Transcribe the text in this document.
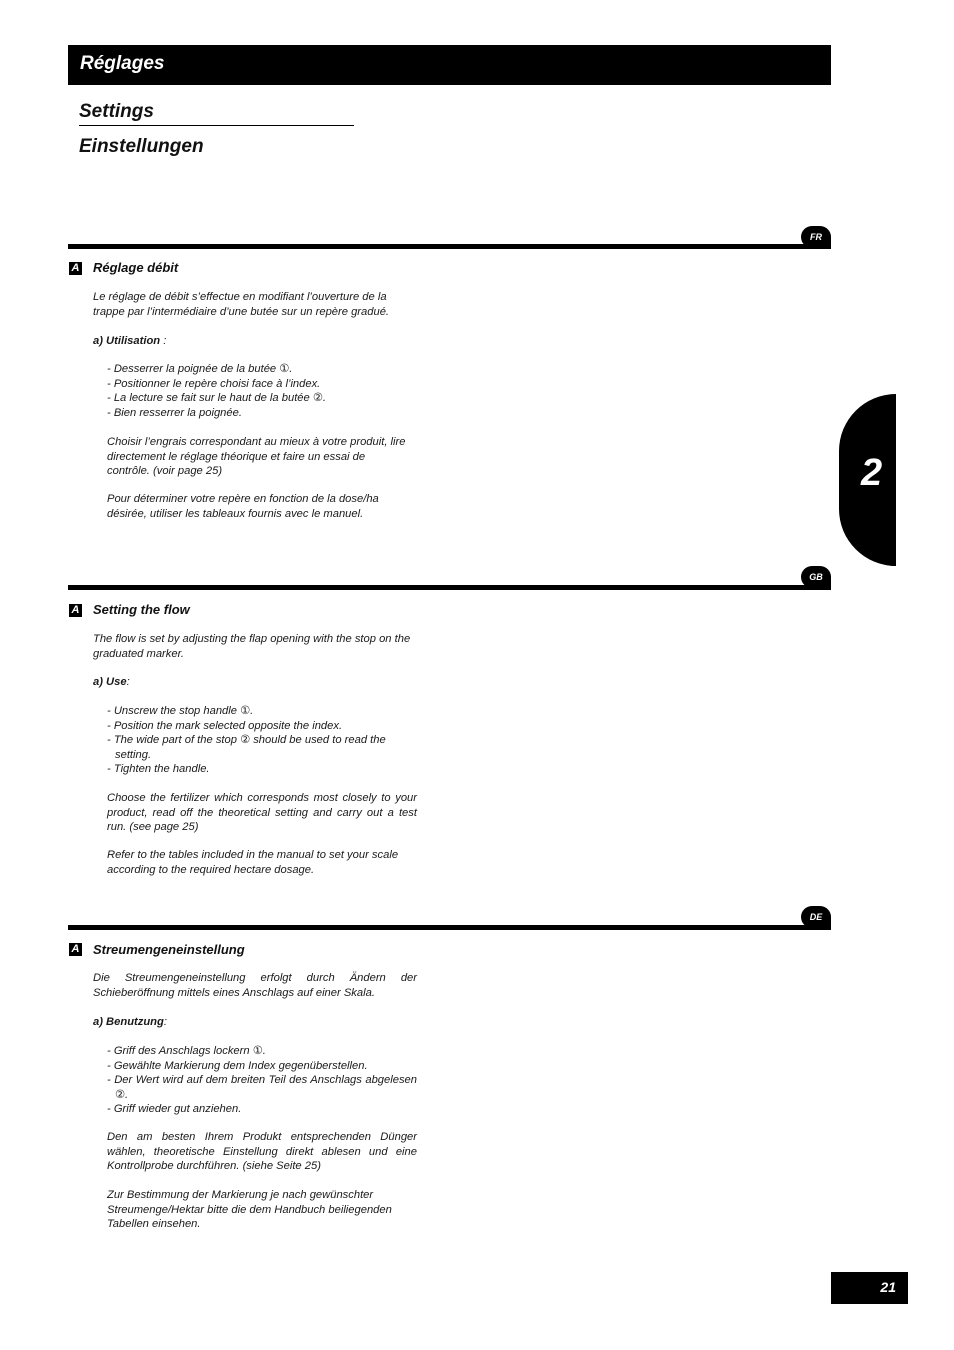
Réglages
Settings
Einstellungen
2
FR
A Réglage débit

Le réglage de débit s’effectue en modifiant l’ouverture de la trappe par l’intermédiaire d’une butée sur un repère gradué.

a) Utilisation :

- Desserrer la poignée de la butée ①.
- Positionner le repère choisi face à l’index.
- La lecture se fait sur le haut de la butée ②.
- Bien resserrer la poignée.

Choisir l’engrais correspondant au mieux à votre produit, lire directement le réglage théorique et faire un essai de contrôle. (voir page 25)

Pour déterminer votre repère en fonction de la dose/ha désirée, utiliser les tableaux fournis avec le manuel.

GB
A Setting the flow

The flow is set by adjusting the flap opening with the stop on the graduated marker.

a) Use:

- Unscrew the stop handle ①.
- Position the mark selected opposite the index.
- The wide part of the stop ② should be used to read the setting.
- Tighten the handle.

Choose the fertilizer which corresponds most closely to your product, read off the theoretical setting and carry out a test run. (see page 25)

Refer to the tables included in the manual to set your scale according to the required hectare dosage.

DE
A Streumengeneinstellung

Die Streumengeneinstellung erfolgt durch Ändern der Schieberöffnung mittels eines Anschlags auf einer Skala.

a) Benutzung:

- Griff des Anschlags lockern ①.
- Gewählte Markierung dem Index gegenüberstellen.
- Der Wert wird auf dem breiten Teil des Anschlags abgelesen ②.
- Griff wieder gut anziehen.

Den am besten Ihrem Produkt entsprechenden Dünger wählen, theoretische Einstellung direkt ablesen und eine Kontrollprobe durchführen. (siehe Seite 25)

Zur Bestimmung der Markierung je nach gewünschter Streumenge/Hektar bitte die dem Handbuch beiliegenden Tabellen einsehen.

21
